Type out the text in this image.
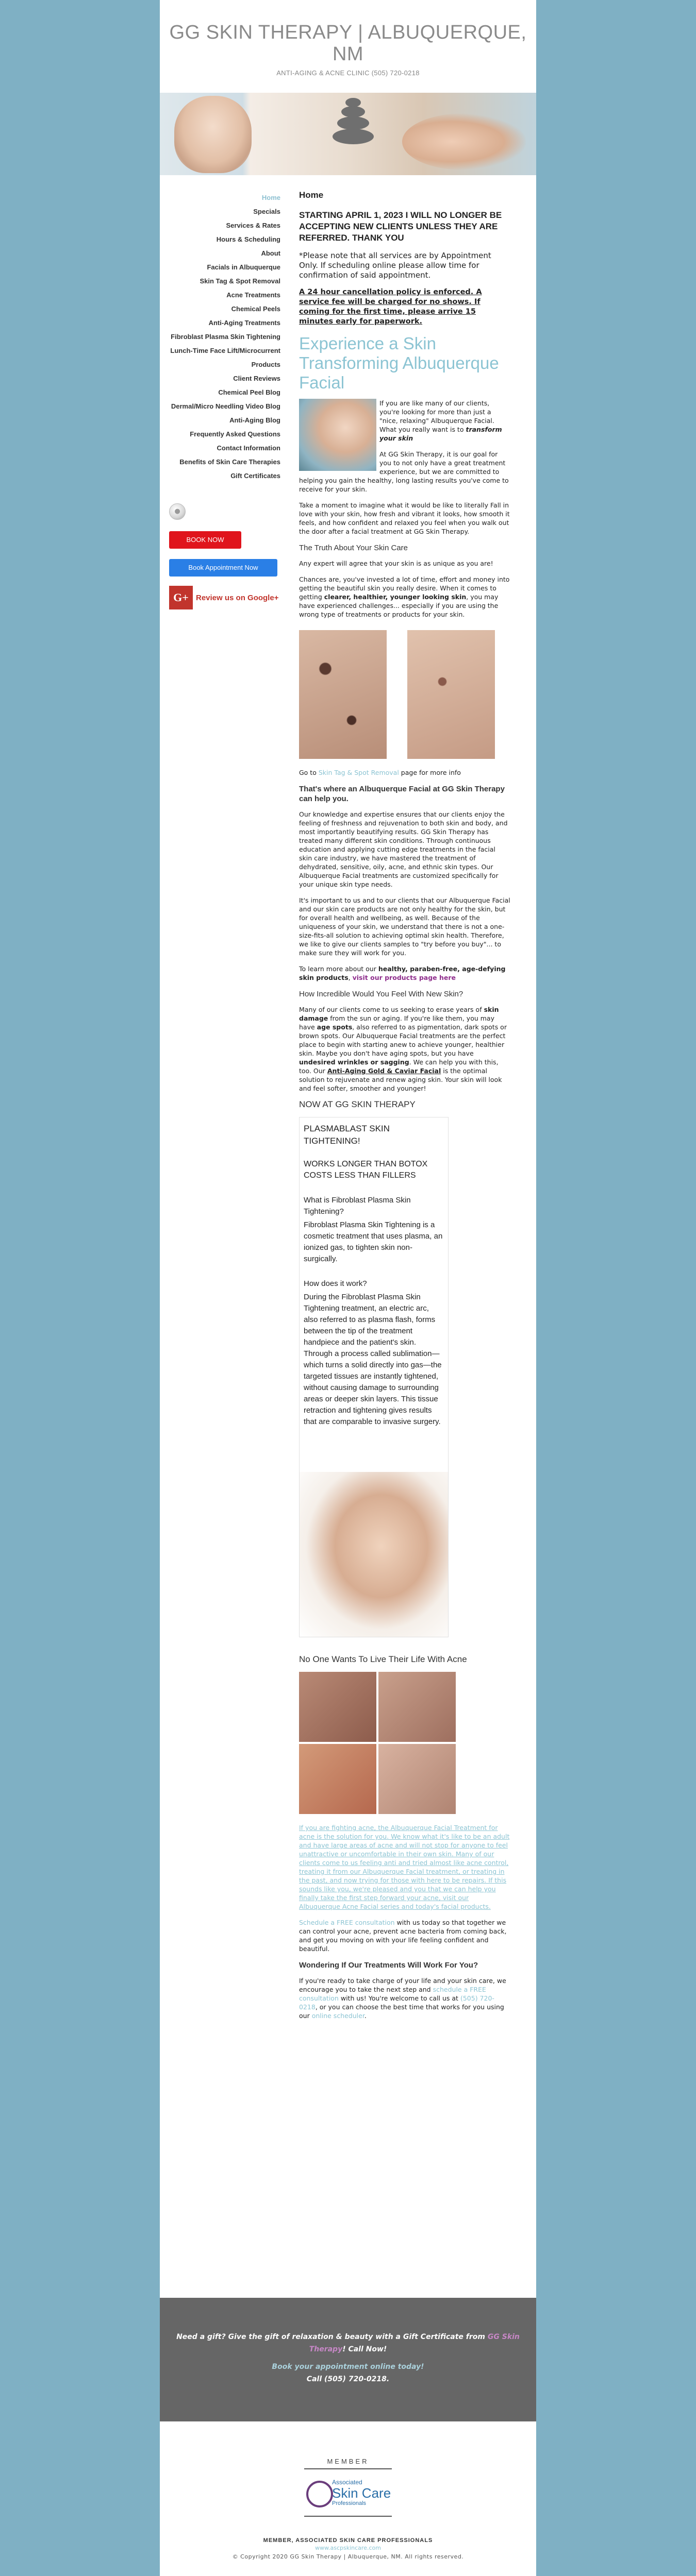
GG SKIN THERAPY | ALBUQUERQUE, NM
ANTI-AGING & ACNE CLINIC (505) 720-0218
Home
Specials
Services & Rates
Hours & Scheduling
About
Facials in Albuquerque
Skin Tag & Spot Removal
Acne Treatments
Chemical Peels
Anti-Aging Treatments
Fibroblast Plasma Skin Tightening
Lunch-Time Face Lift/Microcurrent
Products
Client Reviews
Chemical Peel Blog
Dermal/Micro Needling Video Blog
Anti-Aging Blog
Frequently Asked Questions
Contact Information
Benefits of Skin Care Therapies
Gift Certificates
●
BOOK NOW
Book Appointment Now
G+ Review us on Google+
Home

STARTING APRIL 1, 2023 I WILL NO LONGER BE ACCEPTING NEW CLIENTS UNLESS THEY ARE REFERRED. THANK YOU

*Please note that all services are by Appointment Only. If scheduling online please allow time for confirmation of said appointment.

A 24 hour cancellation policy is enforced. A service fee will be charged for no shows. If coming for the first time, please arrive 15 minutes early for paperwork.

Experience a Skin Transforming Albuquerque Facial

If you are like many of our clients, you're looking for more than just a "nice, relaxing" Albuquerque Facial. What you really want is to transform your skin

At GG Skin Therapy, it is our goal for you to not only have a great treatment experience, but we are committed to helping you gain the healthy, long lasting results you've come to receive for your skin.

Take a moment to imagine what it would be like to literally Fall in love with your skin, how fresh and vibrant it looks, how smooth it feels, and how confident and relaxed you feel when you walk out the door after a facial treatment at GG Skin Therapy.

The Truth About Your Skin Care

Any expert will agree that your skin is as unique as you are!

Chances are, you've invested a lot of time, effort and money into getting the beautiful skin you really desire. When it comes to getting clearer, healthier, younger looking skin, you may have experienced challenges... especially if you are using the wrong type of treatments or products for your skin.

Go to Skin Tag & Spot Removal page for more info

That's where an Albuquerque Facial at GG Skin Therapy can help you.

Our knowledge and expertise ensures that our clients enjoy the feeling of freshness and rejuvenation to both skin and body, and most importantly beautifying results. GG Skin Therapy has treated many different skin conditions. Through continuous education and applying cutting edge treatments in the facial skin care industry, we have mastered the treatment of dehydrated, sensitive, oily, acne, and ethnic skin types. Our Albuquerque Facial treatments are customized specifically for your unique skin type needs.

It's important to us and to our clients that our Albuquerque Facial and our skin care products are not only healthy for the skin, but for overall health and wellbeing, as well. Because of the uniqueness of your skin, we understand that there is not a one-size-fits-all solution to achieving optimal skin health. Therefore, we like to give our clients samples to "try before you buy"... to make sure they will work for you.

To learn more about our healthy, paraben-free, age-defying skin products, visit our products page here

How Incredible Would You Feel With New Skin?

Many of our clients come to us seeking to erase years of skin damage from the sun or aging. If you're like them, you may have age spots, also referred to as pigmentation, dark spots or brown spots. Our Albuquerque Facial treatments are the perfect place to begin with starting anew to achieve younger, healthier skin. Maybe you don't have aging spots, but you have undesired wrinkles or sagging. We can help you with this, too. Our Anti-Aging Gold & Caviar Facial is the optimal solution to rejuvenate and renew aging skin. Your skin will look and feel softer, smoother and younger!

NOW AT GG SKIN THERAPY
PLASMABLAST SKIN TIGHTENING!
WORKS LONGER THAN BOTOX COSTS LESS THAN FILLERS
What is Fibroblast Plasma Skin Tightening?
Fibroblast Plasma Skin Tightening is a cosmetic treatment that uses plasma, an ionized gas, to tighten skin non-surgically.
How does it work?
During the Fibroblast Plasma Skin Tightening treatment, an electric arc, also referred to as plasma flash, forms between the tip of the treatment handpiece and the patient's skin. Through a process called sublimation—which turns a solid directly into gas—the targeted tissues are instantly tightened, without causing damage to surrounding areas or deeper skin layers. This tissue retraction and tightening gives results that are comparable to invasive surgery.
No One Wants To Live Their Life With Acne

If you are fighting acne, the Albuquerque Facial Treatment for acne is the solution for you. We know what it's like to be an adult and have large areas of acne and will not stop for anyone to feel unattractive or uncomfortable in their own skin. Many of our clients come to us feeling anti and tried almost like acne control, treating it from our Albuquerque Facial treatment, or treating in the past, and now trying for those with here to be repairs. If this sounds like you, we're pleased and you that we can help you finally take the first step forward your acne, visit our Albuquerque Acne Facial series and today's facial products.

Schedule a FREE consultation with us today so that together we can control your acne, prevent acne bacteria from coming back, and get you moving on with your life feeling confident and beautiful.

Wondering If Our Treatments Will Work For You?

If you're ready to take charge of your life and your skin care, we encourage you to take the next step and schedule a FREE consultation with us! You're welcome to call us at (505) 720-0218, or you can choose the best time that works for you using our online scheduler.

Need a gift? Give the gift of relaxation & beauty with a Gift Certificate from GG Skin Therapy! Call Now!
Book your appointment online today!
Call (505) 720-0218.
MEMBER
Associated
Skin Care
Professionals
MEMBER, ASSOCIATED SKIN CARE PROFESSIONALS
www.ascpskincare.com
© Copyright 2020 GG Skin Therapy | Albuquerque, NM. All rights reserved.
